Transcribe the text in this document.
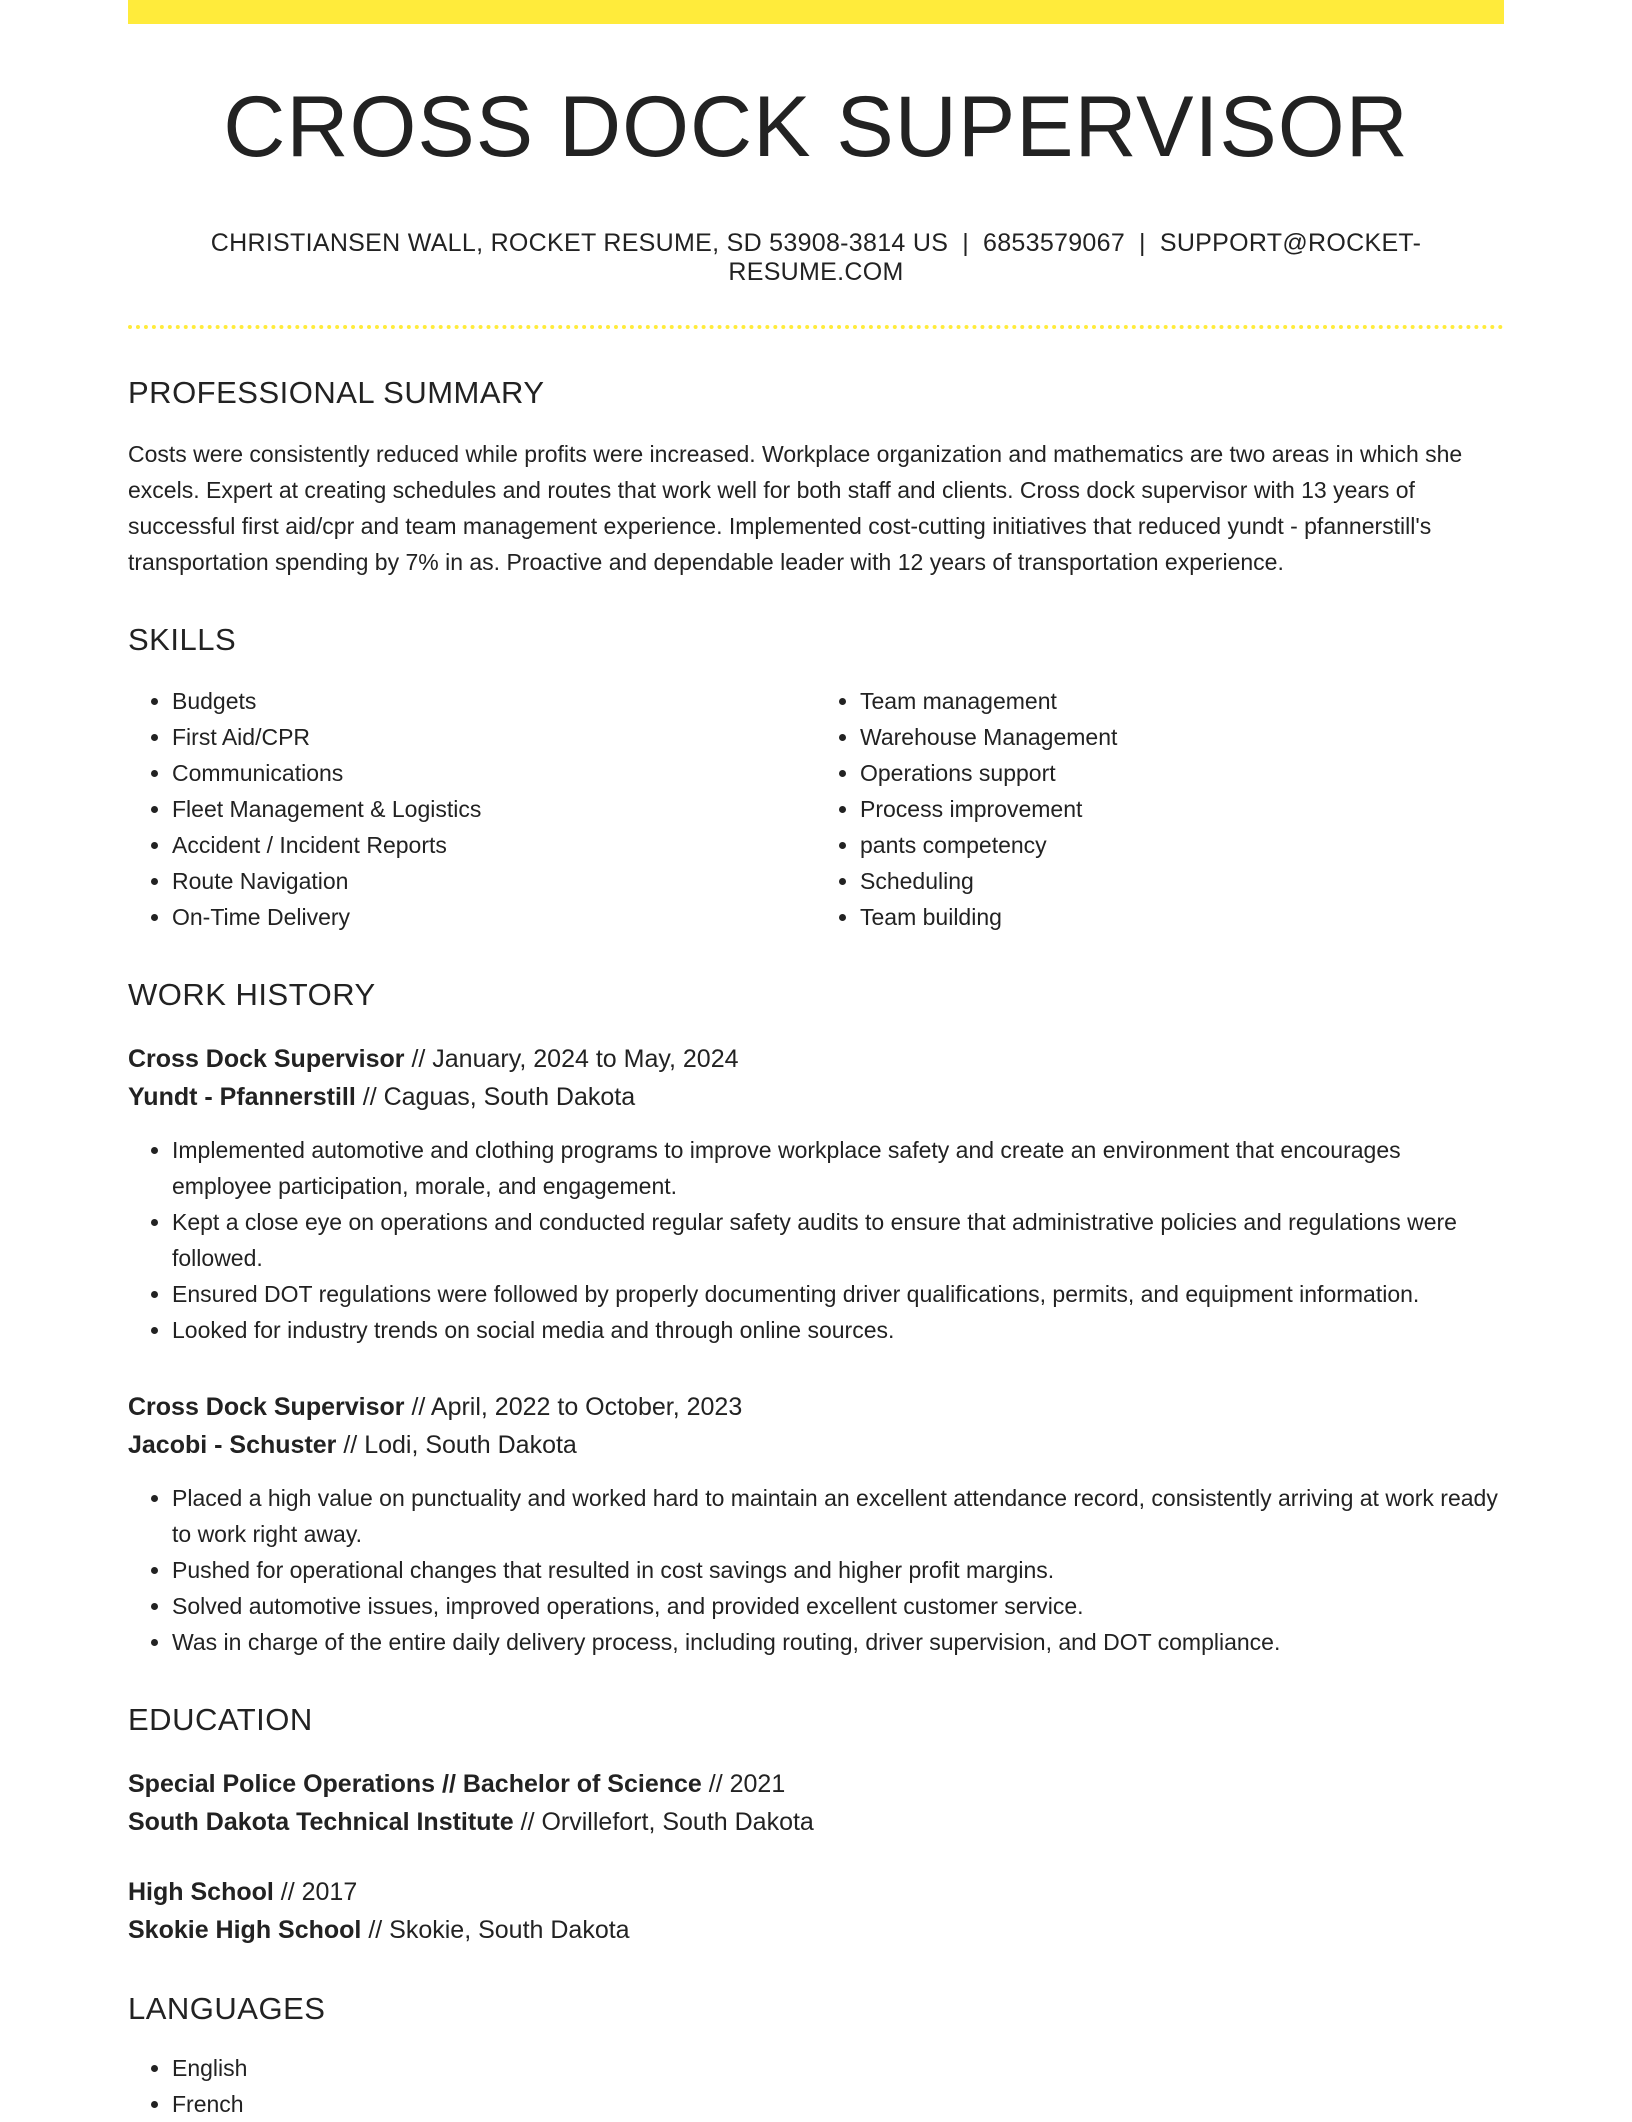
CROSS DOCK SUPERVISOR
CHRISTIANSEN WALL, ROCKET RESUME, SD 53908-3814 US | 6853579067 | SUPPORT@ROCKET-RESUME.COM
PROFESSIONAL SUMMARY
Costs were consistently reduced while profits were increased. Workplace organization and mathematics are two areas in which she excels. Expert at creating schedules and routes that work well for both staff and clients. Cross dock supervisor with 13 years of successful first aid/cpr and team management experience. Implemented cost-cutting initiatives that reduced yundt - pfannerstill's transportation spending by 7% in as. Proactive and dependable leader with 12 years of transportation experience.
SKILLS
• Budgets
• First Aid/CPR
• Communications
• Fleet Management & Logistics
• Accident / Incident Reports
• Route Navigation
• On-Time Delivery
• Team management
• Warehouse Management
• Operations support
• Process improvement
• pants competency
• Scheduling
• Team building
WORK HISTORY
Cross Dock Supervisor // January, 2024 to May, 2024
Yundt - Pfannerstill // Caguas, South Dakota
• Implemented automotive and clothing programs to improve workplace safety and create an environment that encourages employee participation, morale, and engagement.
• Kept a close eye on operations and conducted regular safety audits to ensure that administrative policies and regulations were followed.
• Ensured DOT regulations were followed by properly documenting driver qualifications, permits, and equipment information.
• Looked for industry trends on social media and through online sources.
Cross Dock Supervisor // April, 2022 to October, 2023
Jacobi - Schuster // Lodi, South Dakota
• Placed a high value on punctuality and worked hard to maintain an excellent attendance record, consistently arriving at work ready to work right away.
• Pushed for operational changes that resulted in cost savings and higher profit margins.
• Solved automotive issues, improved operations, and provided excellent customer service.
• Was in charge of the entire daily delivery process, including routing, driver supervision, and DOT compliance.
EDUCATION
Special Police Operations // Bachelor of Science // 2021
South Dakota Technical Institute // Orvillefort, South Dakota
High School // 2017
Skokie High School // Skokie, South Dakota
LANGUAGES
• English
• French
